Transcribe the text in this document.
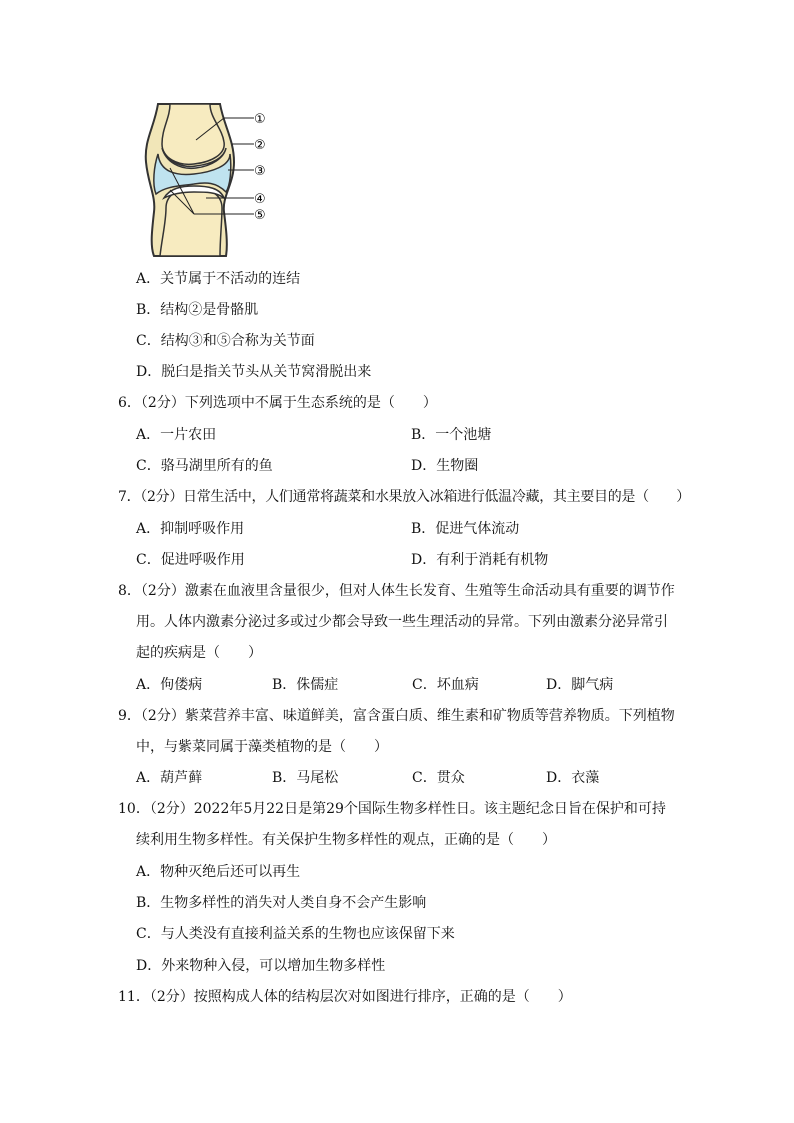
①
②
③
④
⑤
A．关节属于不活动的连结
B．结构②是骨骼肌
C．结构③和⑤合称为关节面
D．脱臼是指关节头从关节窝滑脱出来
6．（2分）下列选项中不属于生态系统的是（　　）
A．一片农田	B．一个池塘
C．骆马湖里所有的鱼	D．生物圈
7．（2分）日常生活中，人们通常将蔬菜和水果放入冰箱进行低温冷藏，其主要目的是（　　）
A．抑制呼吸作用	B．促进气体流动
C．促进呼吸作用	D．有利于消耗有机物
8．（2分）激素在血液里含量很少，但对人体生长发育、生殖等生命活动具有重要的调节作
用。人体内激素分泌过多或过少都会导致一些生理活动的异常。下列由激素分泌异常引
起的疾病是（　　）
A．佝偻病	B．侏儒症	C．坏血病	D．脚气病
9．（2分）紫菜营养丰富、味道鲜美，富含蛋白质、维生素和矿物质等营养物质。下列植物
中，与紫菜同属于藻类植物的是（　　）
A．葫芦藓	B．马尾松	C．贯众	D．衣藻
10．（2分）2022年5月22日是第29个国际生物多样性日。该主题纪念日旨在保护和可持
续利用生物多样性。有关保护生物多样性的观点，正确的是（　　）
A．物种灭绝后还可以再生
B．生物多样性的消失对人类自身不会产生影响
C．与人类没有直接利益关系的生物也应该保留下来
D．外来物种入侵，可以增加生物多样性
11．（2分）按照构成人体的结构层次对如图进行排序，正确的是（　　）
